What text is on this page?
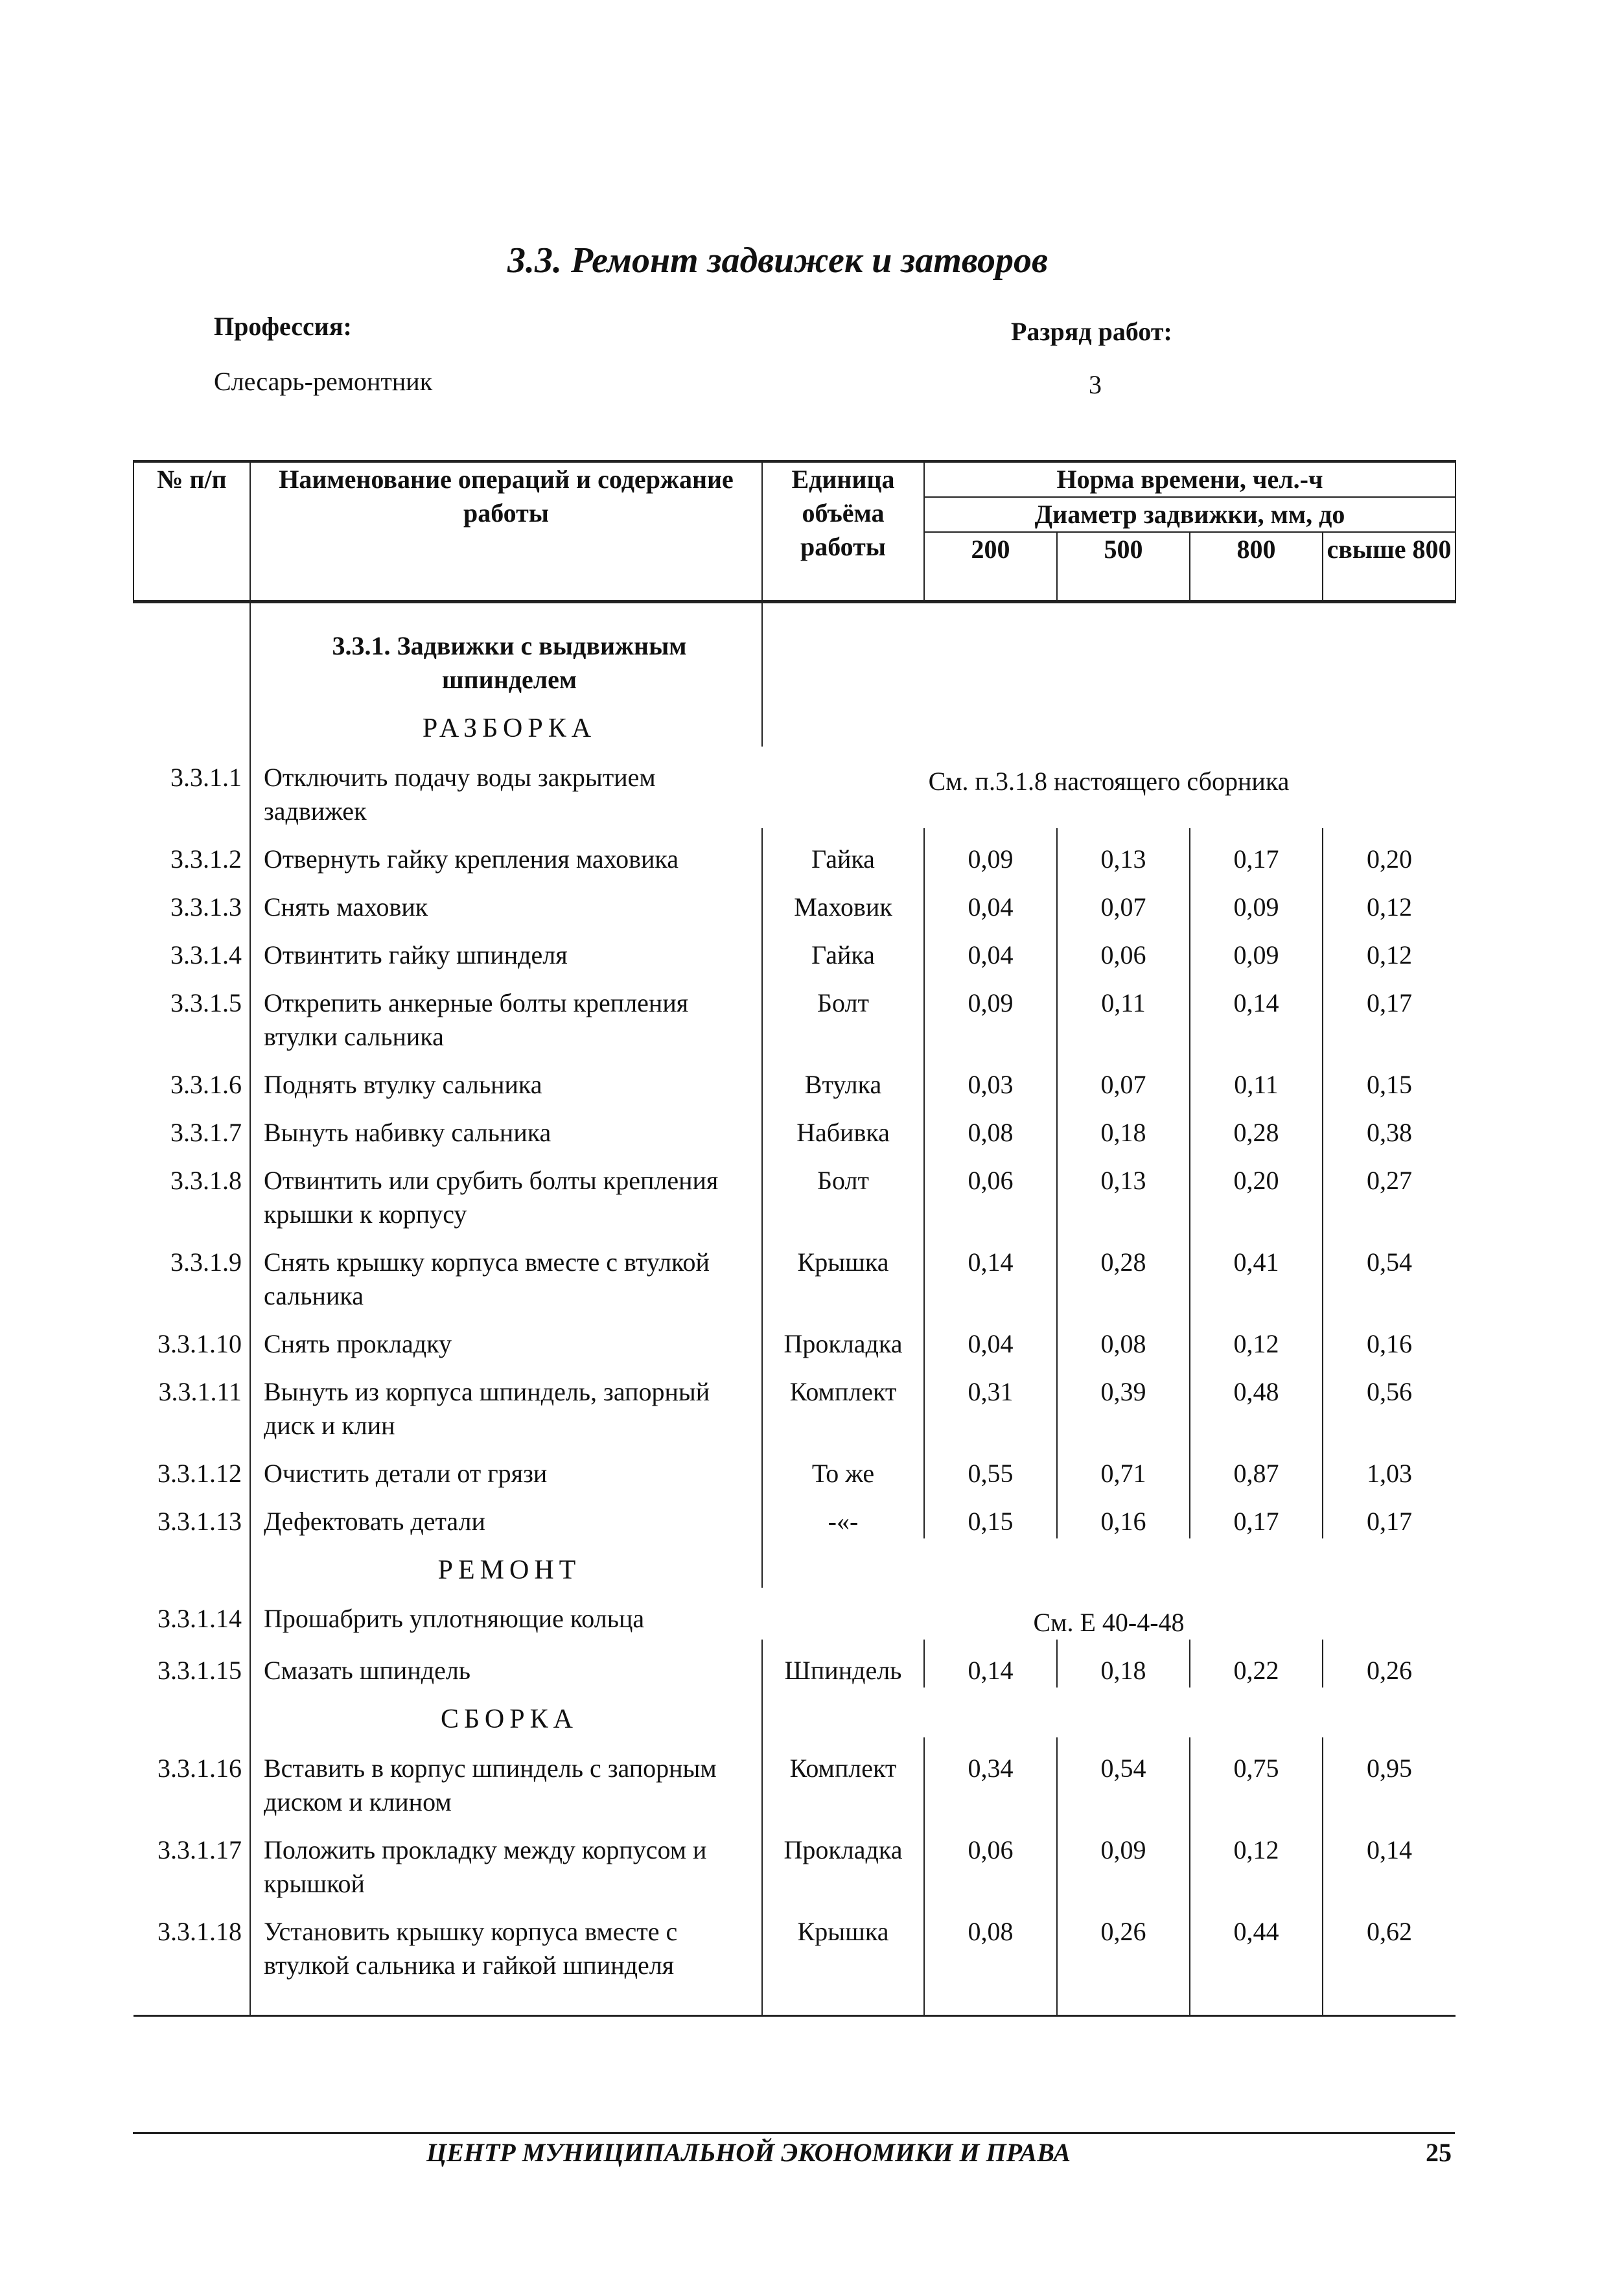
3.3. Ремонт задвижек и затворов
Профессия:
Слесарь-ремонтник
Разряд работ:
3
№ п/п	Наименование операций и содержание работы	Единица объёма работы	Норма времени, чел.-ч			
			Диаметр задвижки, мм, до			
			200	500	800	свыше 800
	3.3.1. Задвижки с выдвижным шпинделем					
	РАЗБОРКА					
3.3.1.1	Отключить подачу воды закрытием задвижек	См. п.3.1.8 настоящего сборника				
3.3.1.2	Отвернуть гайку крепления маховика	Гайка	0,09	0,13	0,17	0,20
3.3.1.3	Снять маховик	Маховик	0,04	0,07	0,09	0,12
3.3.1.4	Отвинтить гайку шпинделя	Гайка	0,04	0,06	0,09	0,12
3.3.1.5	Открепить анкерные болты крепления втулки сальника	Болт	0,09	0,11	0,14	0,17
3.3.1.6	Поднять втулку сальника	Втулка	0,03	0,07	0,11	0,15
3.3.1.7	Вынуть набивку сальника	Набивка	0,08	0,18	0,28	0,38
3.3.1.8	Отвинтить или срубить болты крепления крышки к корпусу	Болт	0,06	0,13	0,20	0,27
3.3.1.9	Снять крышку корпуса вместе с втулкой сальника	Крышка	0,14	0,28	0,41	0,54
3.3.1.10	Снять прокладку	Прокладка	0,04	0,08	0,12	0,16
3.3.1.11	Вынуть из корпуса шпиндель, запорный диск и клин	Комплект	0,31	0,39	0,48	0,56
3.3.1.12	Очистить детали от грязи	То же	0,55	0,71	0,87	1,03
3.3.1.13	Дефектовать детали	-«-	0,15	0,16	0,17	0,17
	РЕМОНТ					
3.3.1.14	Прошабрить уплотняющие кольца	См. Е 40-4-48				
3.3.1.15	Смазать шпиндель	Шпиндель	0,14	0,18	0,22	0,26
	СБОРКА					
3.3.1.16	Вставить в корпус шпиндель с запорным диском и клином	Комплект	0,34	0,54	0,75	0,95
3.3.1.17	Положить прокладку между корпусом и крышкой	Прокладка	0,06	0,09	0,12	0,14
3.3.1.18	Установить крышку корпуса вместе с втулкой сальника и гайкой шпинделя	Крышка	0,08	0,26	0,44	0,62
ЦЕНТР МУНИЦИПАЛЬНОЙ ЭКОНОМИКИ И ПРАВА	25
